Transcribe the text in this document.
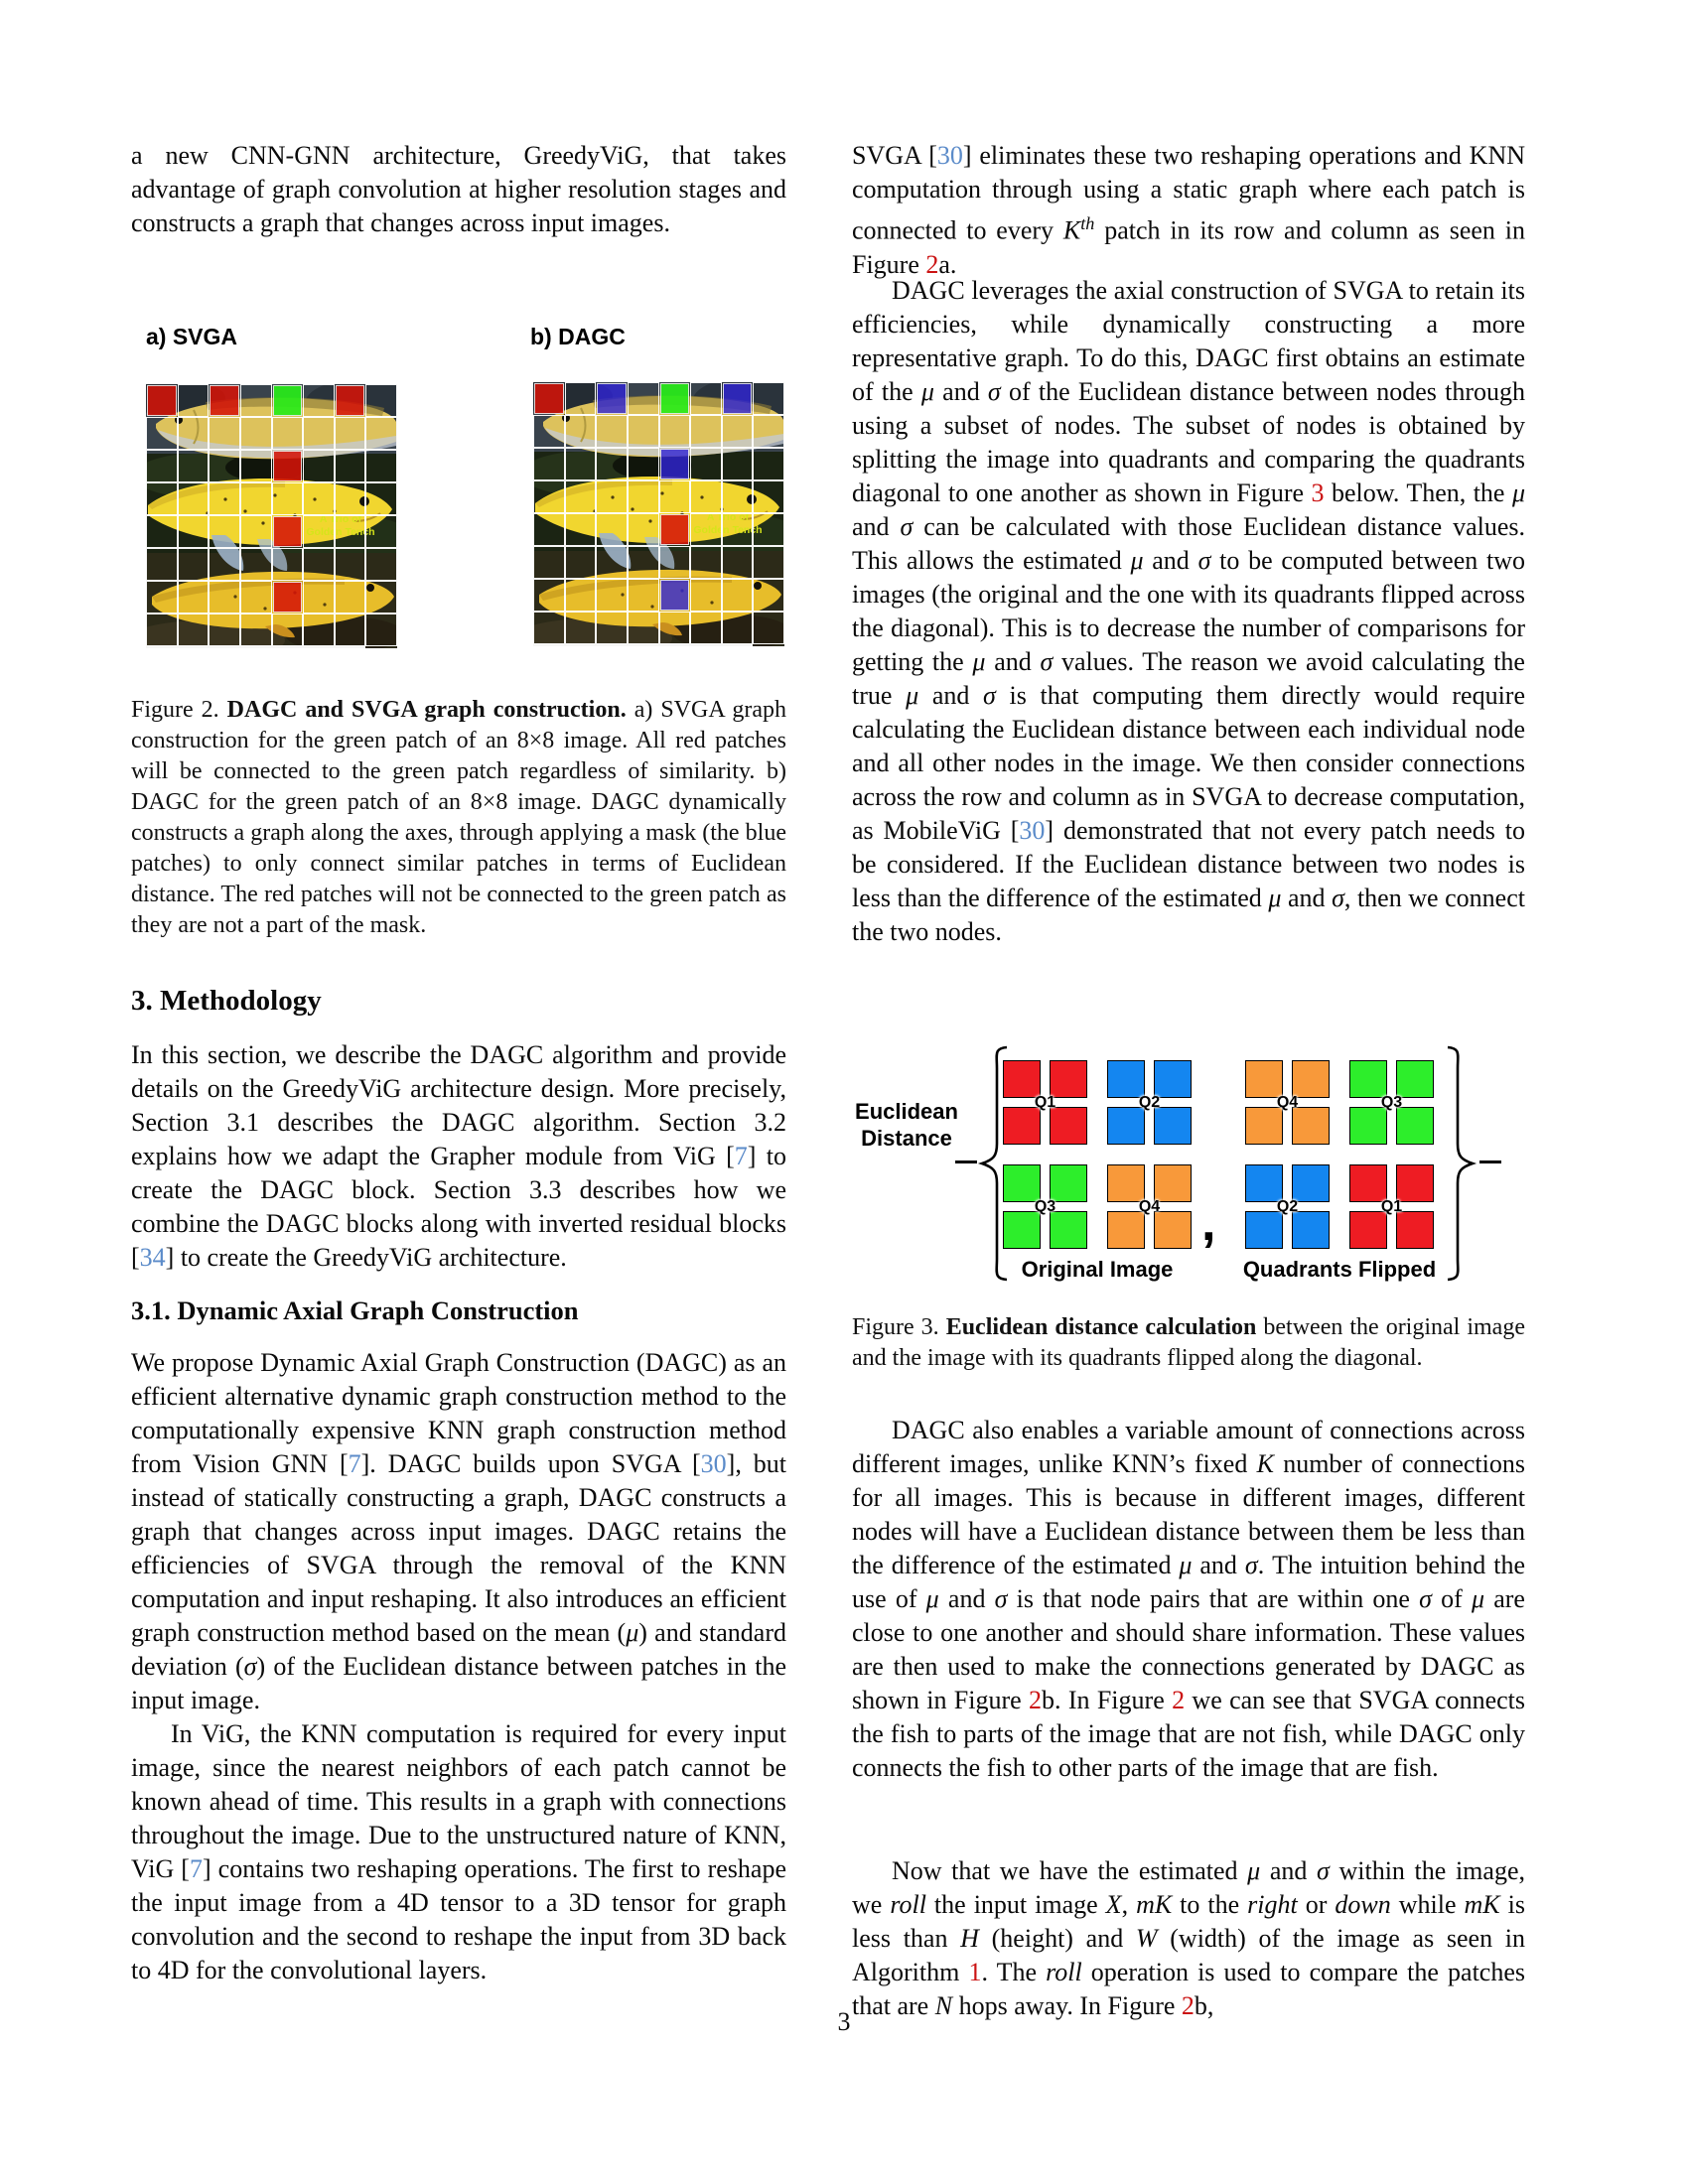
a new CNN-GNN architecture, GreedyViG, that takes advantage of graph convolution at higher resolution stages and constructs a graph that changes across input images.
a) SVGA	b) DAGC
Figure 2. DAGC and SVGA graph construction. a) SVGA graph construction for the green patch of an 8×8 image. All red patches will be connected to the green patch regardless of similarity. b) DAGC for the green patch of an 8×8 image. DAGC dynamically constructs a graph along the axes, through applying a mask (the blue patches) to only connect similar patches in terms of Euclidean distance. The red patches will not be connected to the green patch as they are not a part of the mask.
3. Methodology
In this section, we describe the DAGC algorithm and provide details on the GreedyViG architecture design. More precisely, Section 3.1 describes the DAGC algorithm. Section 3.2 explains how we adapt the Grapher module from ViG [7] to create the DAGC block. Section 3.3 describes how we combine the DAGC blocks along with inverted residual blocks [34] to create the GreedyViG architecture.
3.1. Dynamic Axial Graph Construction
We propose Dynamic Axial Graph Construction (DAGC) as an efficient alternative dynamic graph construction method to the computationally expensive KNN graph construction method from Vision GNN [7]. DAGC builds upon SVGA [30], but instead of statically constructing a graph, DAGC constructs a graph that changes across input images. DAGC retains the efficiencies of SVGA through the removal of the KNN computation and input reshaping. It also introduces an efficient graph construction method based on the mean (μ) and standard deviation (σ) of the Euclidean distance between patches in the input image.
In ViG, the KNN computation is required for every input image, since the nearest neighbors of each patch cannot be known ahead of time. This results in a graph with connections throughout the image. Due to the unstructured nature of KNN, ViG [7] contains two reshaping operations. The first to reshape the input image from a 4D tensor to a 3D tensor for graph convolution and the second to reshape the input from 3D back to 4D for the convolutional layers.
SVGA [30] eliminates these two reshaping operations and KNN computation through using a static graph where each patch is connected to every $K^{th}$ patch in its row and column as seen in Figure 2a.
DAGC leverages the axial construction of SVGA to retain its efficiencies, while dynamically constructing a more representative graph. To do this, DAGC first obtains an estimate of the μ and σ of the Euclidean distance between nodes through using a subset of nodes. The subset of nodes is obtained by splitting the image into quadrants and comparing the quadrants diagonal to one another as shown in Figure 3 below. Then, the μ and σ can be calculated with those Euclidean distance values. This allows the estimated μ and σ to be computed between two images (the original and the one with its quadrants flipped across the diagonal). This is to decrease the number of comparisons for getting the μ and σ values. The reason we avoid calculating the true μ and σ is that computing them directly would require calculating the Euclidean distance between each individual node and all other nodes in the image. We then consider connections across the row and column as in SVGA to decrease computation, as MobileViG [30] demonstrated that not every patch needs to be considered. If the Euclidean distance between two nodes is less than the difference of the estimated μ and σ, then we connect the two nodes.
Euclidean
Distance
Q1	Q2
Q3	Q4 ,
Q4	Q3
Q2	Q1
Original Image	Quadrants Flipped
Figure 3. Euclidean distance calculation between the original image and the image with its quadrants flipped along the diagonal.
DAGC also enables a variable amount of connections across different images, unlike KNN’s fixed K number of connections for all images. This is because in different images, different nodes will have a Euclidean distance between them be less than the difference of the estimated μ and σ. The intuition behind the use of μ and σ is that node pairs that are within one σ of μ are close to one another and should share information. These values are then used to make the connections generated by DAGC as shown in Figure 2b. In Figure 2 we can see that SVGA connects the fish to parts of the image that are not fish, while DAGC only connects the fish to other parts of the image that are fish.
Now that we have the estimated μ and σ within the image, we roll the input image X, mK to the right or down while mK is less than H (height) and W (width) of the image as seen in Algorithm 1. The roll operation is used to compare the patches that are N hops away. In Figure 2b,
3
